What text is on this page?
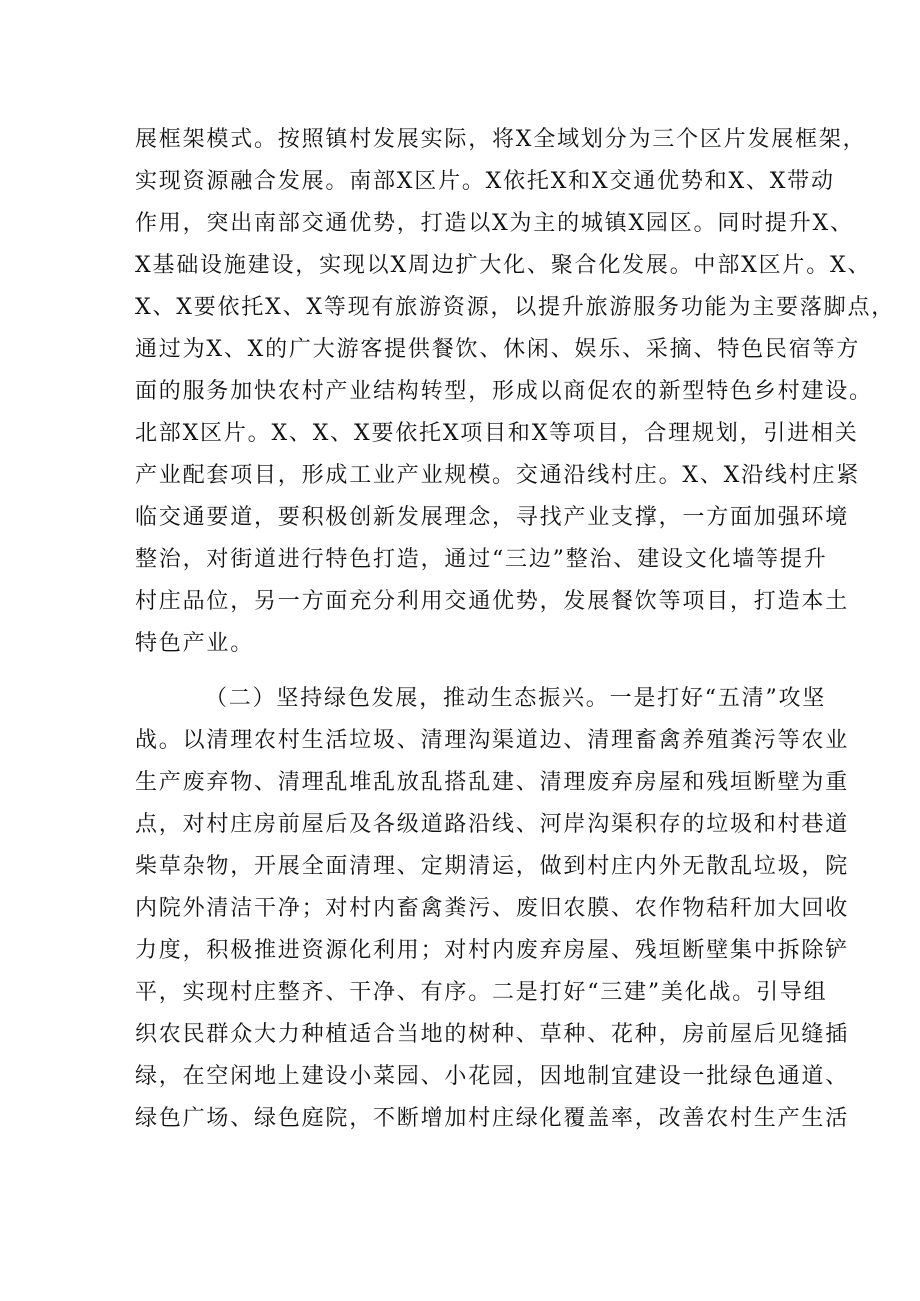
展框架模式。按照镇村发展实际，将X全域划分为三个区片发展框架，
实现资源融合发展。南部X区片。X依托X和X交通优势和X、X带动
作用，突出南部交通优势，打造以X为主的城镇X园区。同时提升X、
X基础设施建设，实现以X周边扩大化、聚合化发展。中部X区片。X、
X、X要依托X、X等现有旅游资源，以提升旅游服务功能为主要落脚点，
通过为X、X的广大游客提供餐饮、休闲、娱乐、采摘、特色民宿等方
面的服务加快农村产业结构转型，形成以商促农的新型特色乡村建设。
北部X区片。X、X、X要依托X项目和X等项目，合理规划，引进相关
产业配套项目，形成工业产业规模。交通沿线村庄。X、X沿线村庄紧
临交通要道，要积极创新发展理念，寻找产业支撑，一方面加强环境
整治，对街道进行特色打造，通过“三边”整治、建设文化墙等提升
村庄品位，另一方面充分利用交通优势，发展餐饮等项目，打造本土
特色产业。
（二）坚持绿色发展，推动生态振兴。一是打好“五清”攻坚
战。以清理农村生活垃圾、清理沟渠道边、清理畜禽养殖粪污等农业
生产废弃物、清理乱堆乱放乱搭乱建、清理废弃房屋和残垣断壁为重
点，对村庄房前屋后及各级道路沿线、河岸沟渠积存的垃圾和村巷道
柴草杂物，开展全面清理、定期清运，做到村庄内外无散乱垃圾，院
内院外清洁干净；对村内畜禽粪污、废旧农膜、农作物秸秆加大回收
力度，积极推进资源化利用；对村内废弃房屋、残垣断壁集中拆除铲
平，实现村庄整齐、干净、有序。二是打好“三建”美化战。引导组
织农民群众大力种植适合当地的树种、草种、花种，房前屋后见缝插
绿，在空闲地上建设小菜园、小花园，因地制宜建设一批绿色通道、
绿色广场、绿色庭院，不断增加村庄绿化覆盖率，改善农村生产生活
